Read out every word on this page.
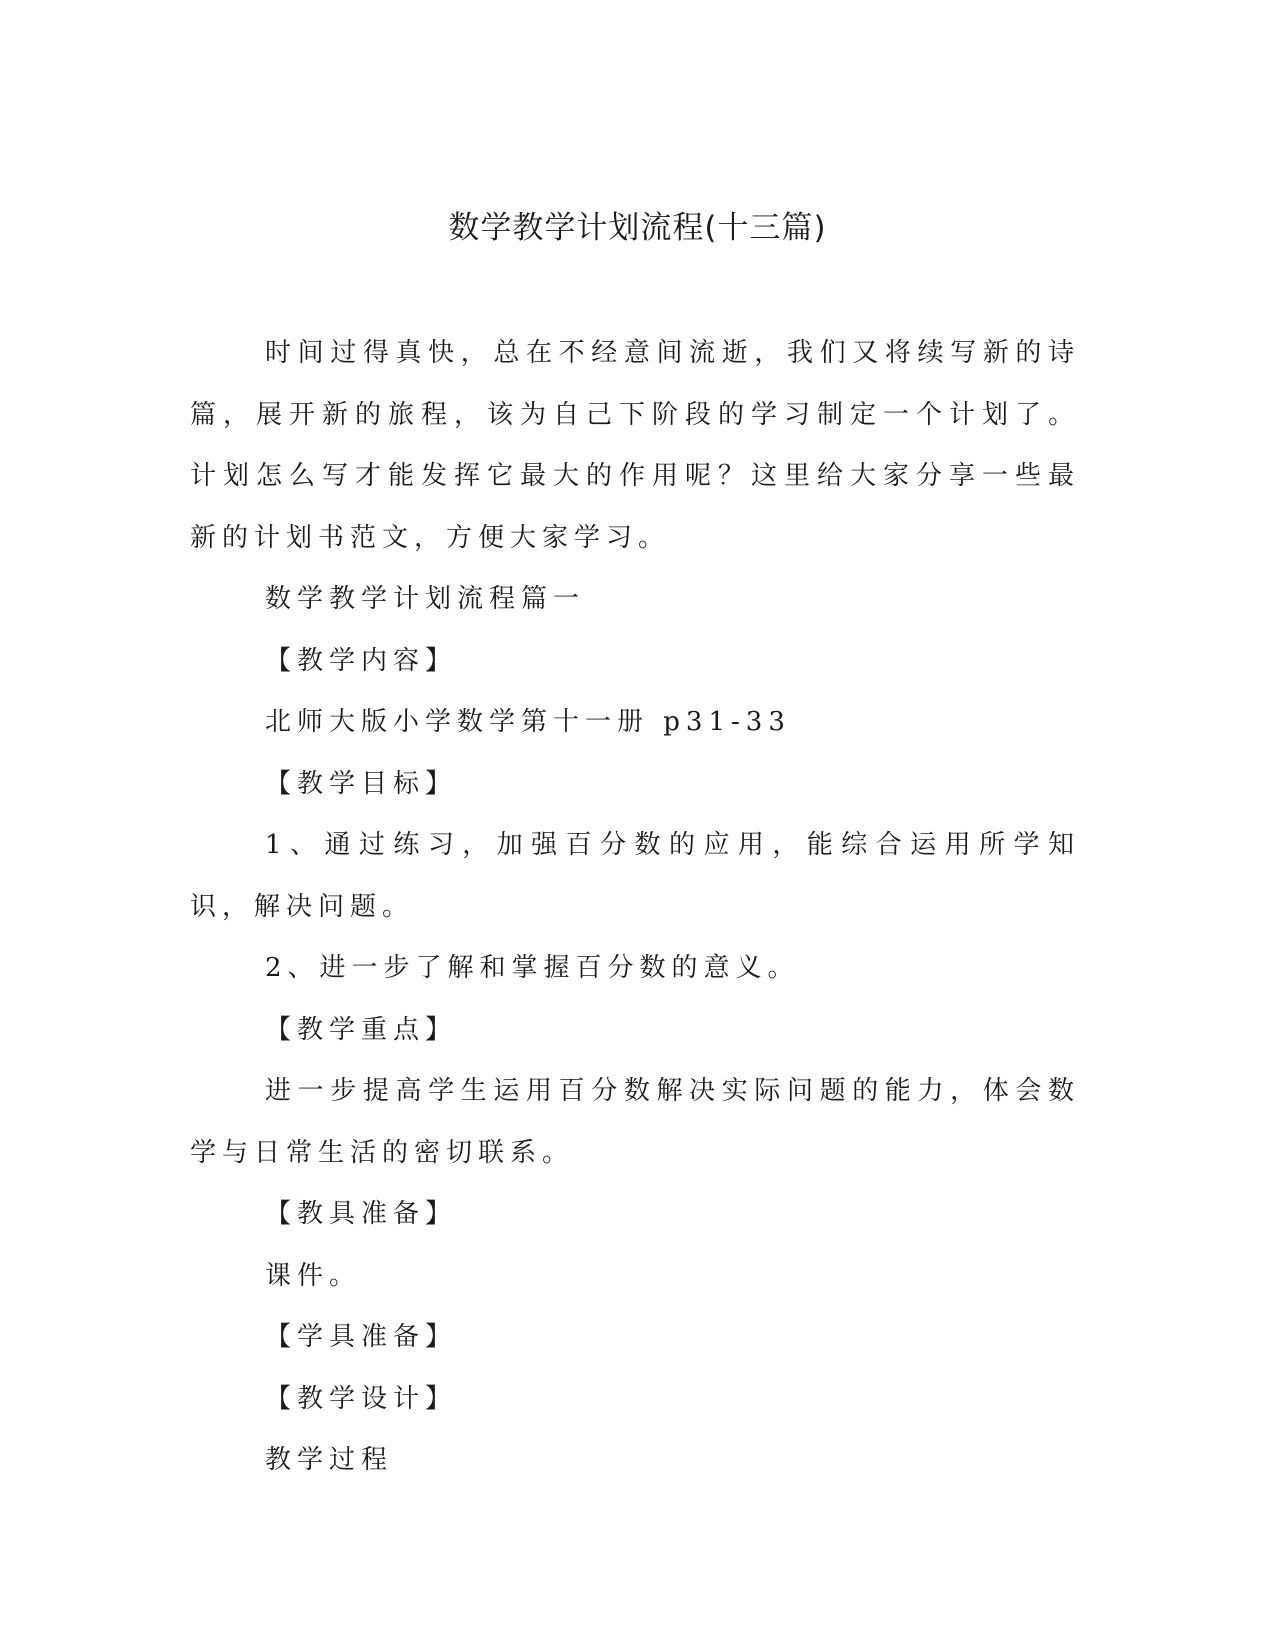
数学教学计划流程(十三篇)

时间过得真快，总在不经意间流逝，我们又将续写新的诗篇，展开新的旅程，该为自己下阶段的学习制定一个计划了。计划怎么写才能发挥它最大的作用呢？这里给大家分享一些最新的计划书范文，方便大家学习。

数学教学计划流程篇一

【教学内容】

北师大版小学数学第十一册 p31-33

【教学目标】

1、通过练习，加强百分数的应用，能综合运用所学知识，解决问题。

2、进一步了解和掌握百分数的意义。

【教学重点】

进一步提高学生运用百分数解决实际问题的能力，体会数学与日常生活的密切联系。

【教具准备】

课件。

【学具准备】

【教学设计】

教学过程
